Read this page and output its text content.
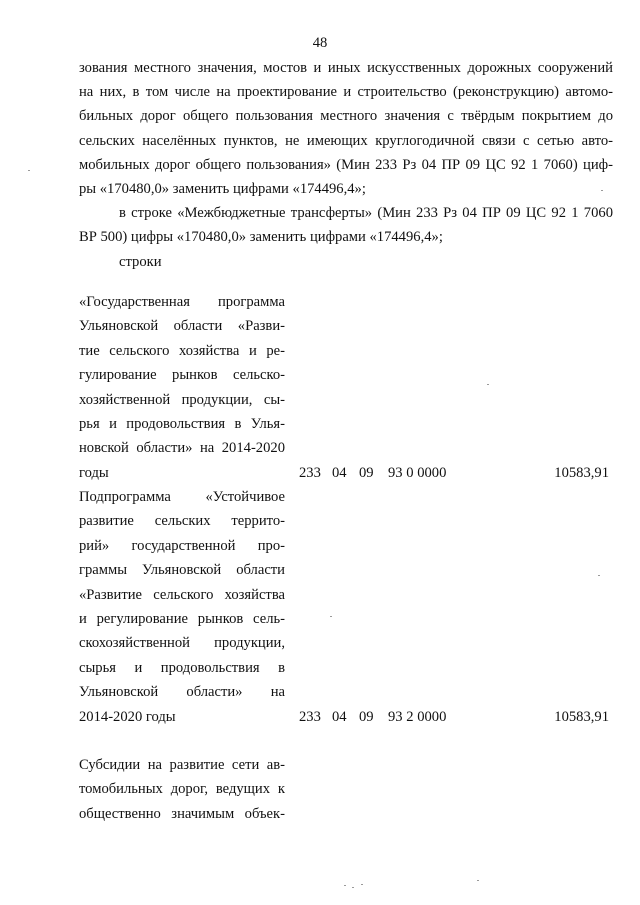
48
зования местного значения, мостов и иных искусственных дорожных сооружений
на них, в том числе на проектирование и строительство (реконструкцию) автомо-
бильных дорог общего пользования местного значения с твёрдым покрытием до
сельских населённых пунктов, не имеющих круглогодичной связи с сетью авто-
мобильных дорог общего пользования» (Мин 233 Рз 04 ПР 09 ЦС 92 1 7060) циф-
ры «170480,0» заменить цифрами «174496,4»;
в строке «Межбюджетные трансферты» (Мин 233 Рз 04 ПР 09 ЦС 92 1 7060
ВР 500) цифры «170480,0» заменить цифрами «174496,4»;
строки
«Государственная программа
Ульяновской области «Разви-
тие сельского хозяйства и ре-
гулирование рынков сельско-
хозяйственной продукции, сы-
рья и продовольствия в Улья-
новской области» на 2014-2020
годы	233 04 09 93 0 0000	10583,91
Подпрограмма «Устойчивое
развитие сельских террито-
рий» государственной про-
граммы Ульяновской области
«Развитие сельского хозяйства
и регулирование рынков сель-
скохозяйственной продукции,
сырья и продовольствия в
Ульяновской области» на
2014-2020 годы	233 04 09 93 2 0000	10583,91
Субсидии на развитие сети ав-
томобильных дорог, ведущих к
общественно значимым объек-
